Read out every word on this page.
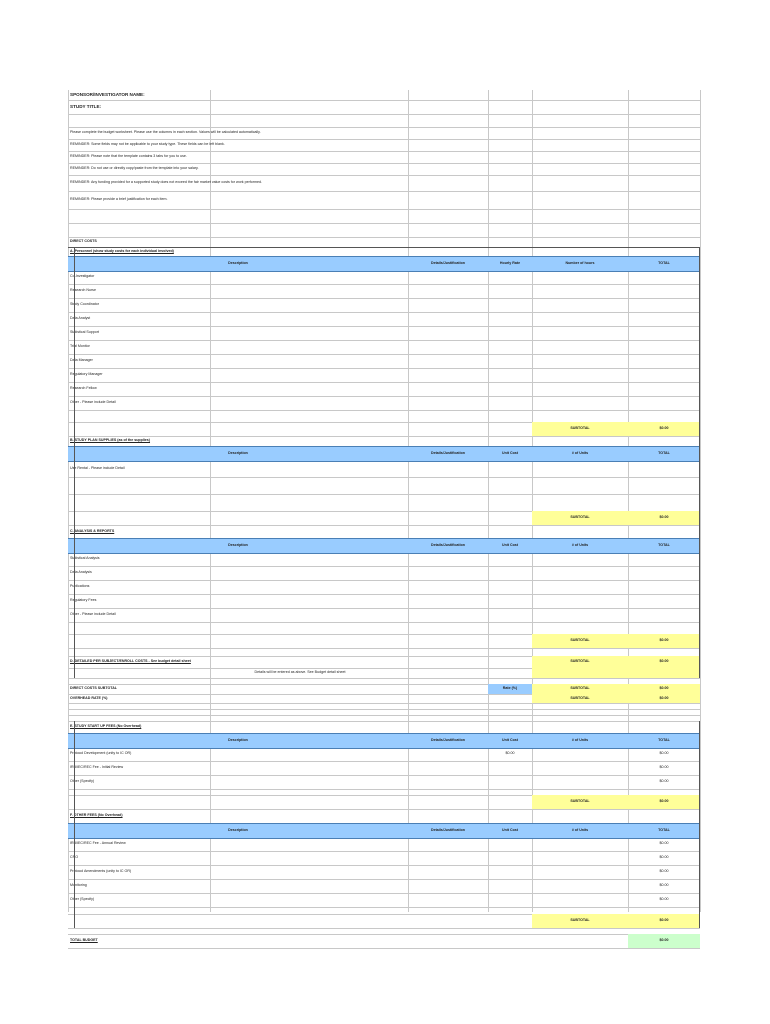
SPONSOR/INVESTIGATOR NAME:
STUDY TITLE:
Please complete the budget worksheet. Please use the columns in each section. Values will be calculated automatically.
REMINDER: Some fields may not be applicable to your study type. These fields can be left blank.
REMINDER: Please note that the template contains 3 tabs for you to use.
REMINDER: Do not use or directly copy/paste from the template into your salary.
REMINDER: Any funding provided for a supported study does not exceed the fair market value costs for work performed.
REMINDER: Please provide a brief justification for each item.
DIRECT COSTS
A. Personnel (show study costs for each individual involved)
Description	Details/Justification	Hourly Rate	Number of hours	TOTAL
Co-Investigator
Research Nurse
Study Coordinator
Data Analyst
Statistical Support
Trial Monitor
Data Manager
Regulatory Manager
Research Fellow
Other - Please include Detail
SUBTOTAL	$0.00
B. STUDY PLAN SUPPLIES (as of the supplies)
Description	Details/Justification	Unit Cost	# of Units	TOTAL
Use Rental - Please include Detail
SUBTOTAL	$0.00
C. ANALYSIS & REPORTS
Description	Details/Justification	Unit Cost	# of Units	TOTAL
Statistical Analysis
Data Analysis
Publications
Regulatory Fees
Other - Please include Detail
SUBTOTAL	$0.00
D. DETAILED PER SUBJECT/ENROLL COSTS - See budget detail sheet	SUBTOTAL	$0.00
Details will be entered as above. See Budget detail sheet
DIRECT COSTS SUBTOTAL	Rate (%)	SUBTOTAL	$0.00
OVERHEAD RATE (%)	SUBTOTAL	$0.00
E. STUDY START UP FEES (No Overhead)
Description	Details/Justification	Unit Cost	# of Units	TOTAL
Protocol Development (unity to IC OR)	$0.00	$0.00
IRB/IEC/REC Fee - Initial Review	$0.00
Other (Specify)	$0.00
SUBTOTAL	$0.00
F. OTHER FEES (No Overhead)
Description	Details/Justification	Unit Cost	# of Units	TOTAL
IRB/IEC/REC Fee - Annual Review	$0.00
CRO	$0.00
Protocol Amendments (unity to IC OR)	$0.00
Monitoring	$0.00
Other (Specify)	$0.00
SUBTOTAL	$0.00
TOTAL BUDGET	$0.00
